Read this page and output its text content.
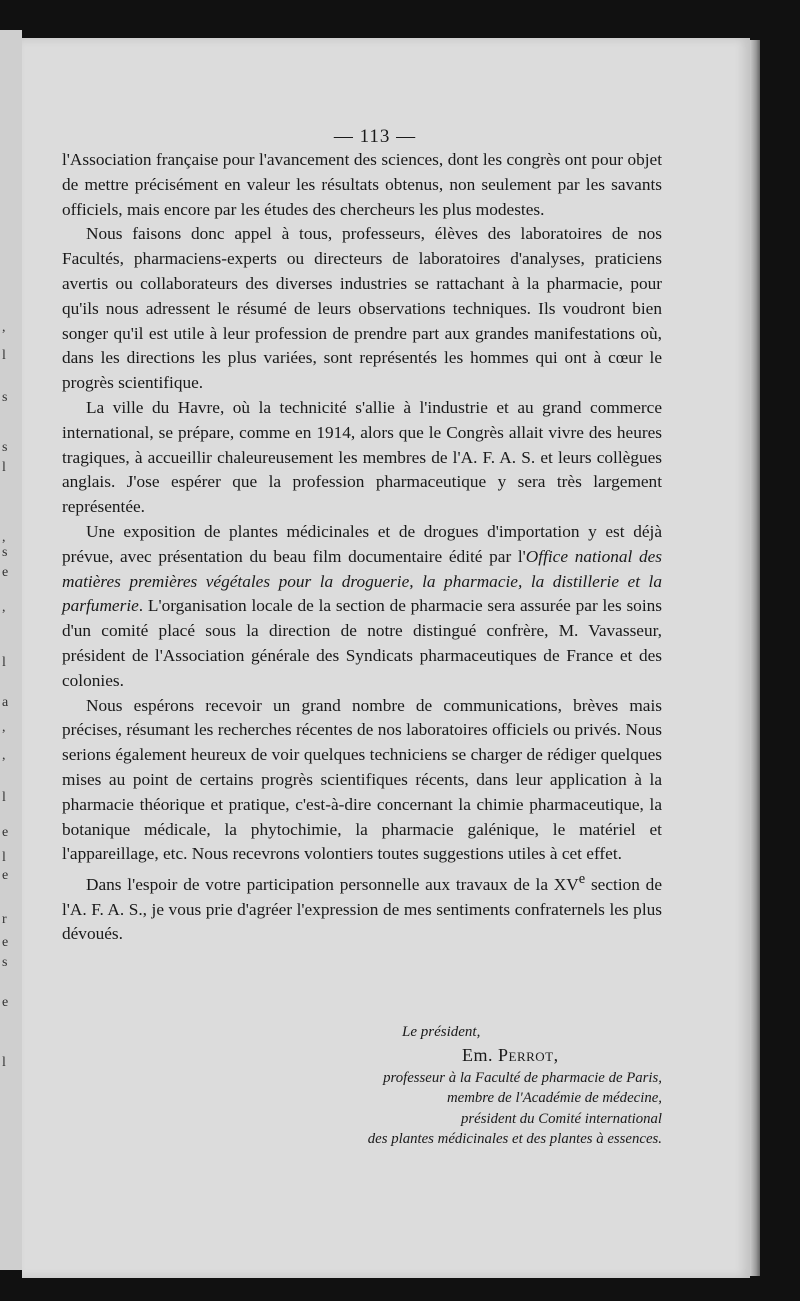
,
l
s
s
l
,
s
e
,
l
a
,
,
l
e
l
e
r
e
s
e
l
— 113 —

l'Association française pour l'avancement des sciences, dont les congrès ont pour objet de mettre précisément en valeur les résultats obtenus, non seulement par les savants officiels, mais encore par les études des chercheurs les plus modestes.

Nous faisons donc appel à tous, professeurs, élèves des laboratoires de nos Facultés, pharmaciens-experts ou directeurs de laboratoires d'analyses, praticiens avertis ou collaborateurs des diverses industries se rattachant à la pharmacie, pour qu'ils nous adressent le résumé de leurs observations techniques. Ils voudront bien songer qu'il est utile à leur profession de prendre part aux grandes manifestations où, dans les directions les plus variées, sont représentés les hommes qui ont à cœur le progrès scientifique.

La ville du Havre, où la technicité s'allie à l'industrie et au grand commerce international, se prépare, comme en 1914, alors que le Congrès allait vivre des heures tragiques, à accueillir chaleureusement les membres de l'A. F. A. S. et leurs collègues anglais. J'ose espérer que la profession pharmaceutique y sera très largement représentée.

Une exposition de plantes médicinales et de drogues d'importation y est déjà prévue, avec présentation du beau film documentaire édité par l'Office national des matières premières végétales pour la droguerie, la pharmacie, la distillerie et la parfumerie. L'organisation locale de la section de pharmacie sera assurée par les soins d'un comité placé sous la direction de notre distingué confrère, M. Vavasseur, président de l'Association générale des Syndicats pharmaceutiques de France et des colonies.

Nous espérons recevoir un grand nombre de communications, brèves mais précises, résumant les recherches récentes de nos laboratoires officiels ou privés. Nous serions également heureux de voir quelques techniciens se charger de rédiger quelques mises au point de certains progrès scientifiques récents, dans leur application à la pharmacie théorique et pratique, c'est-à-dire concernant la chimie pharmaceutique, la botanique médicale, la phytochimie, la pharmacie galénique, le matériel et l'appareillage, etc. Nous recevrons volontiers toutes suggestions utiles à cet effet.

Dans l'espoir de votre participation personnelle aux travaux de la XVe section de l'A. F. A. S., je vous prie d'agréer l'expression de mes sentiments confraternels les plus dévoués.

Le président,
Em. Perrot,
professeur à la Faculté de pharmacie de Paris,
membre de l'Académie de médecine,
président du Comité international
des plantes médicinales et des plantes à essences.
